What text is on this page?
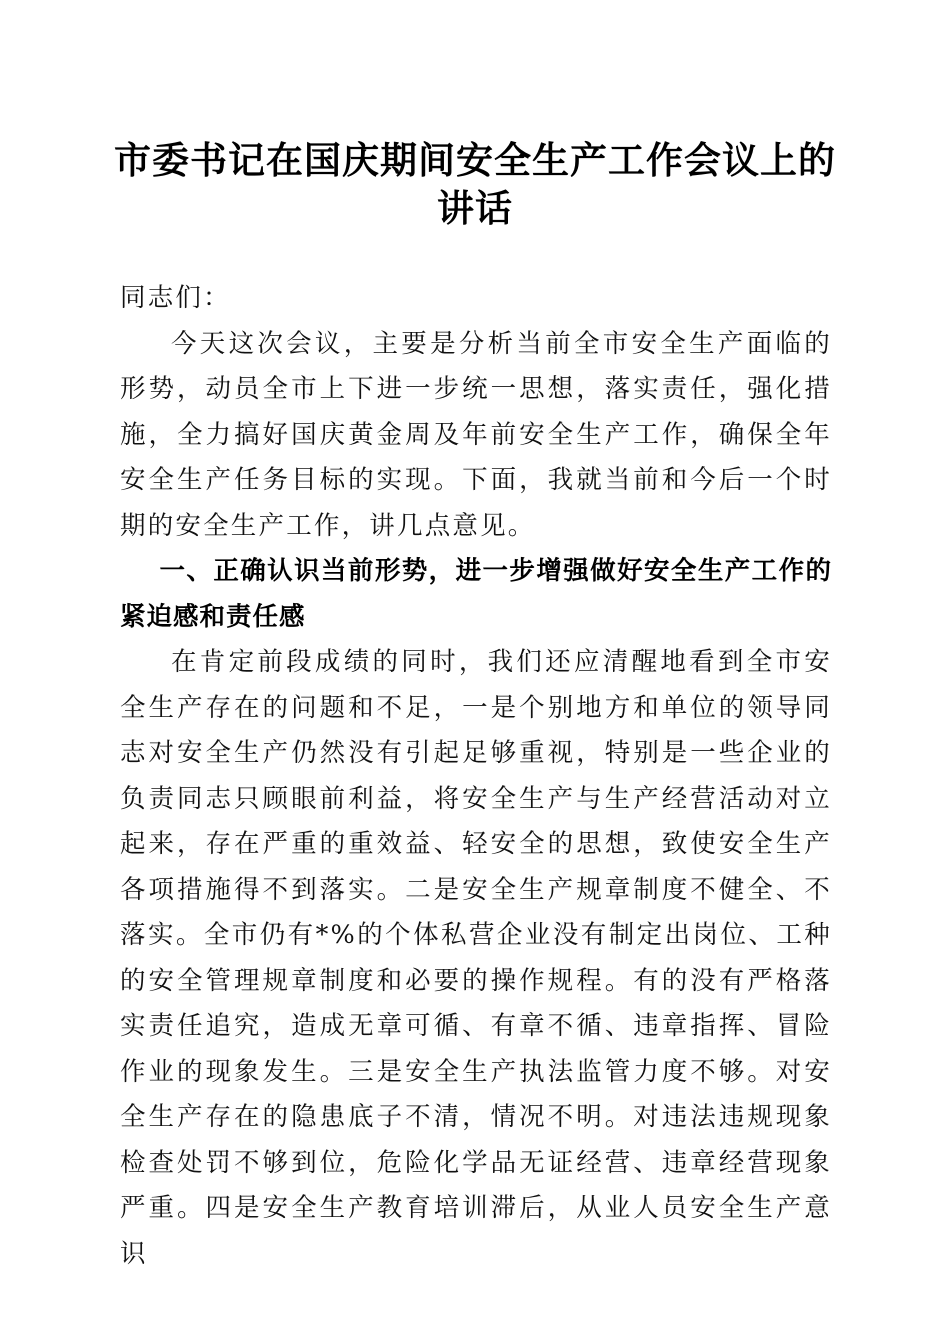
市委书记在国庆期间安全生产工作会议上的讲话

同志们：

今天这次会议，主要是分析当前全市安全生产面临的形势，动员全市上下进一步统一思想，落实责任，强化措施，全力搞好国庆黄金周及年前安全生产工作，确保全年安全生产任务目标的实现。下面，我就当前和今后一个时期的安全生产工作，讲几点意见。

一、正确认识当前形势，进一步增强做好安全生产工作的紧迫感和责任感

在肯定前段成绩的同时，我们还应清醒地看到全市安全生产存在的问题和不足，一是个别地方和单位的领导同志对安全生产仍然没有引起足够重视，特别是一些企业的负责同志只顾眼前利益，将安全生产与生产经营活动对立起来，存在严重的重效益、轻安全的思想，致使安全生产各项措施得不到落实。二是安全生产规章制度不健全、不落实。全市仍有*%的个体私营企业没有制定出岗位、工种的安全管理规章制度和必要的操作规程。有的没有严格落实责任追究，造成无章可循、有章不循、违章指挥、冒险作业的现象发生。三是安全生产执法监管力度不够。对安全生产存在的隐患底子不清，情况不明。对违法违规现象检查处罚不够到位，危险化学品无证经营、违章经营现象严重。四是安全生产教育培训滞后，从业人员安全生产意识
